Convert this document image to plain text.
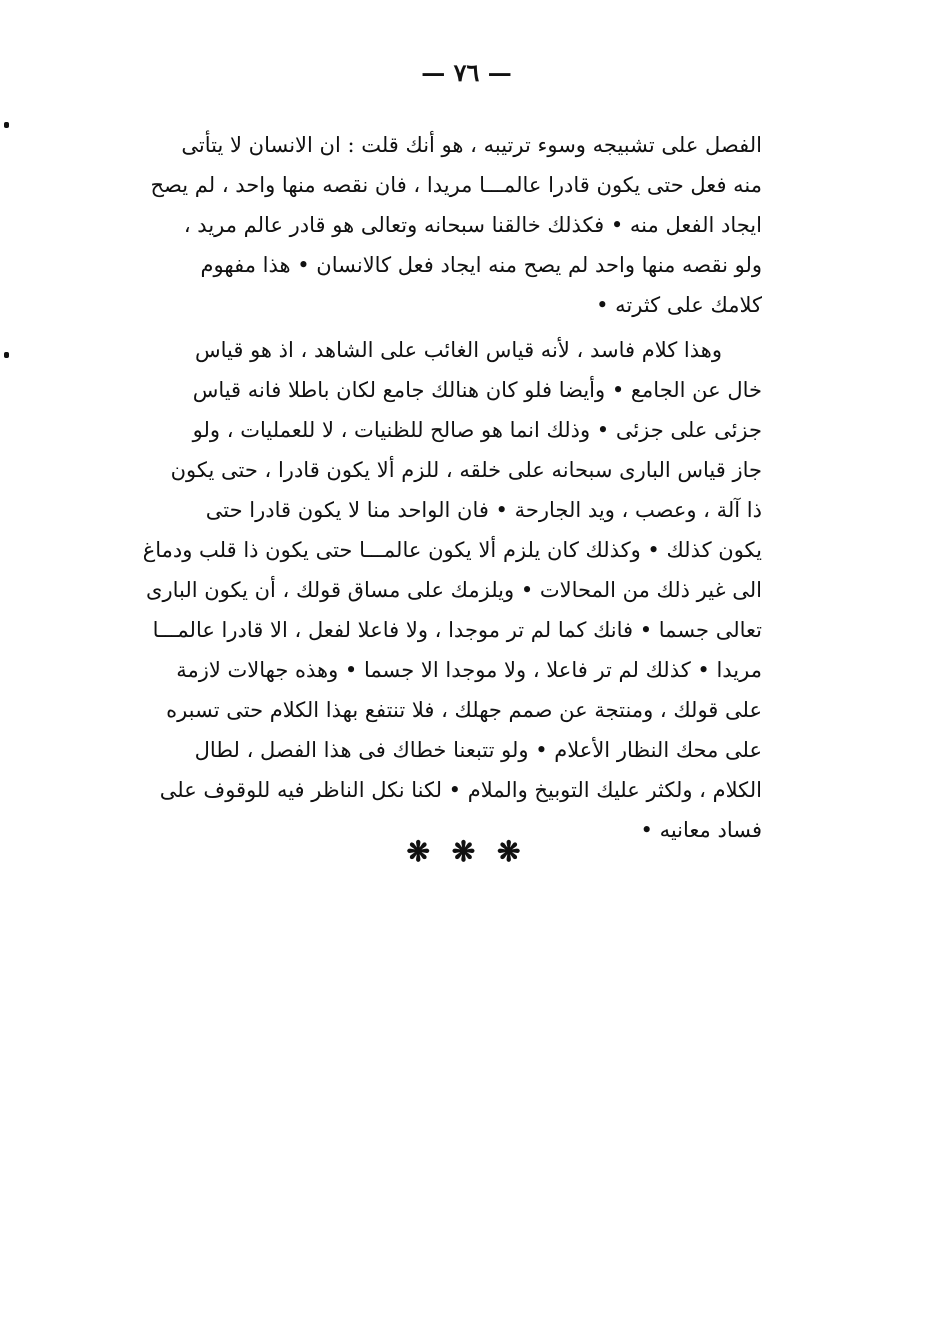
— ٧٦ —
الفصل على تشبيجه وسوء ترتيبه ، هو أنك قلت : ان الانسان لا يتأتى
منه فعل حتى يكون قادرا عالمـــا مريدا ، فان نقصه منها واحد ، لم يصح
ايجاد الفعل منه • فكذلك خالقنا سبحانه وتعالى هو قادر عالم مريد ،
ولو نقصه منها واحد لم يصح منه ايجاد فعل كالانسان • هذا مفهوم
كلامك على كثرته •
وهذا كلام فاسد ، لأنه قياس الغائب على الشاهد ، اذ هو قياس
خال عن الجامع • وأيضا فلو كان هنالك جامع لكان باطلا فانه قياس
جزئى على جزئى • وذلك انما هو صالح للظنيات ، لا للعمليات ، ولو
جاز قياس البارى سبحانه على خلقه ، للزم ألا يكون قادرا ، حتى يكون
ذا آلة ، وعصب ، ويد الجارحة • فان الواحد منا لا يكون قادرا حتى
يكون كذلك • وكذلك كان يلزم ألا يكون عالمـــا حتى يكون ذا قلب ودماغ
الى غير ذلك من المحالات • ويلزمك على مساق قولك ، أن يكون البارى
تعالى جسما • فانك كما لم تر موجدا ، ولا فاعلا لفعل ، الا قادرا عالمـــا
مريدا • كذلك لم تر فاعلا ، ولا موجدا الا جسما • وهذه جهالات لازمة
على قولك ، ومنتجة عن صمم جهلك ، فلا تنتفع بهذا الكلام حتى تسبره
على محك النظار الأعلام • ولو تتبعنا خطاك فى هذا الفصل ، لطال
الكلام ، ولكثر عليك التوبيخ والملام • لكنا نكل الناظر فيه للوقوف على
فساد معانيه •
❋ ❋ ❋
